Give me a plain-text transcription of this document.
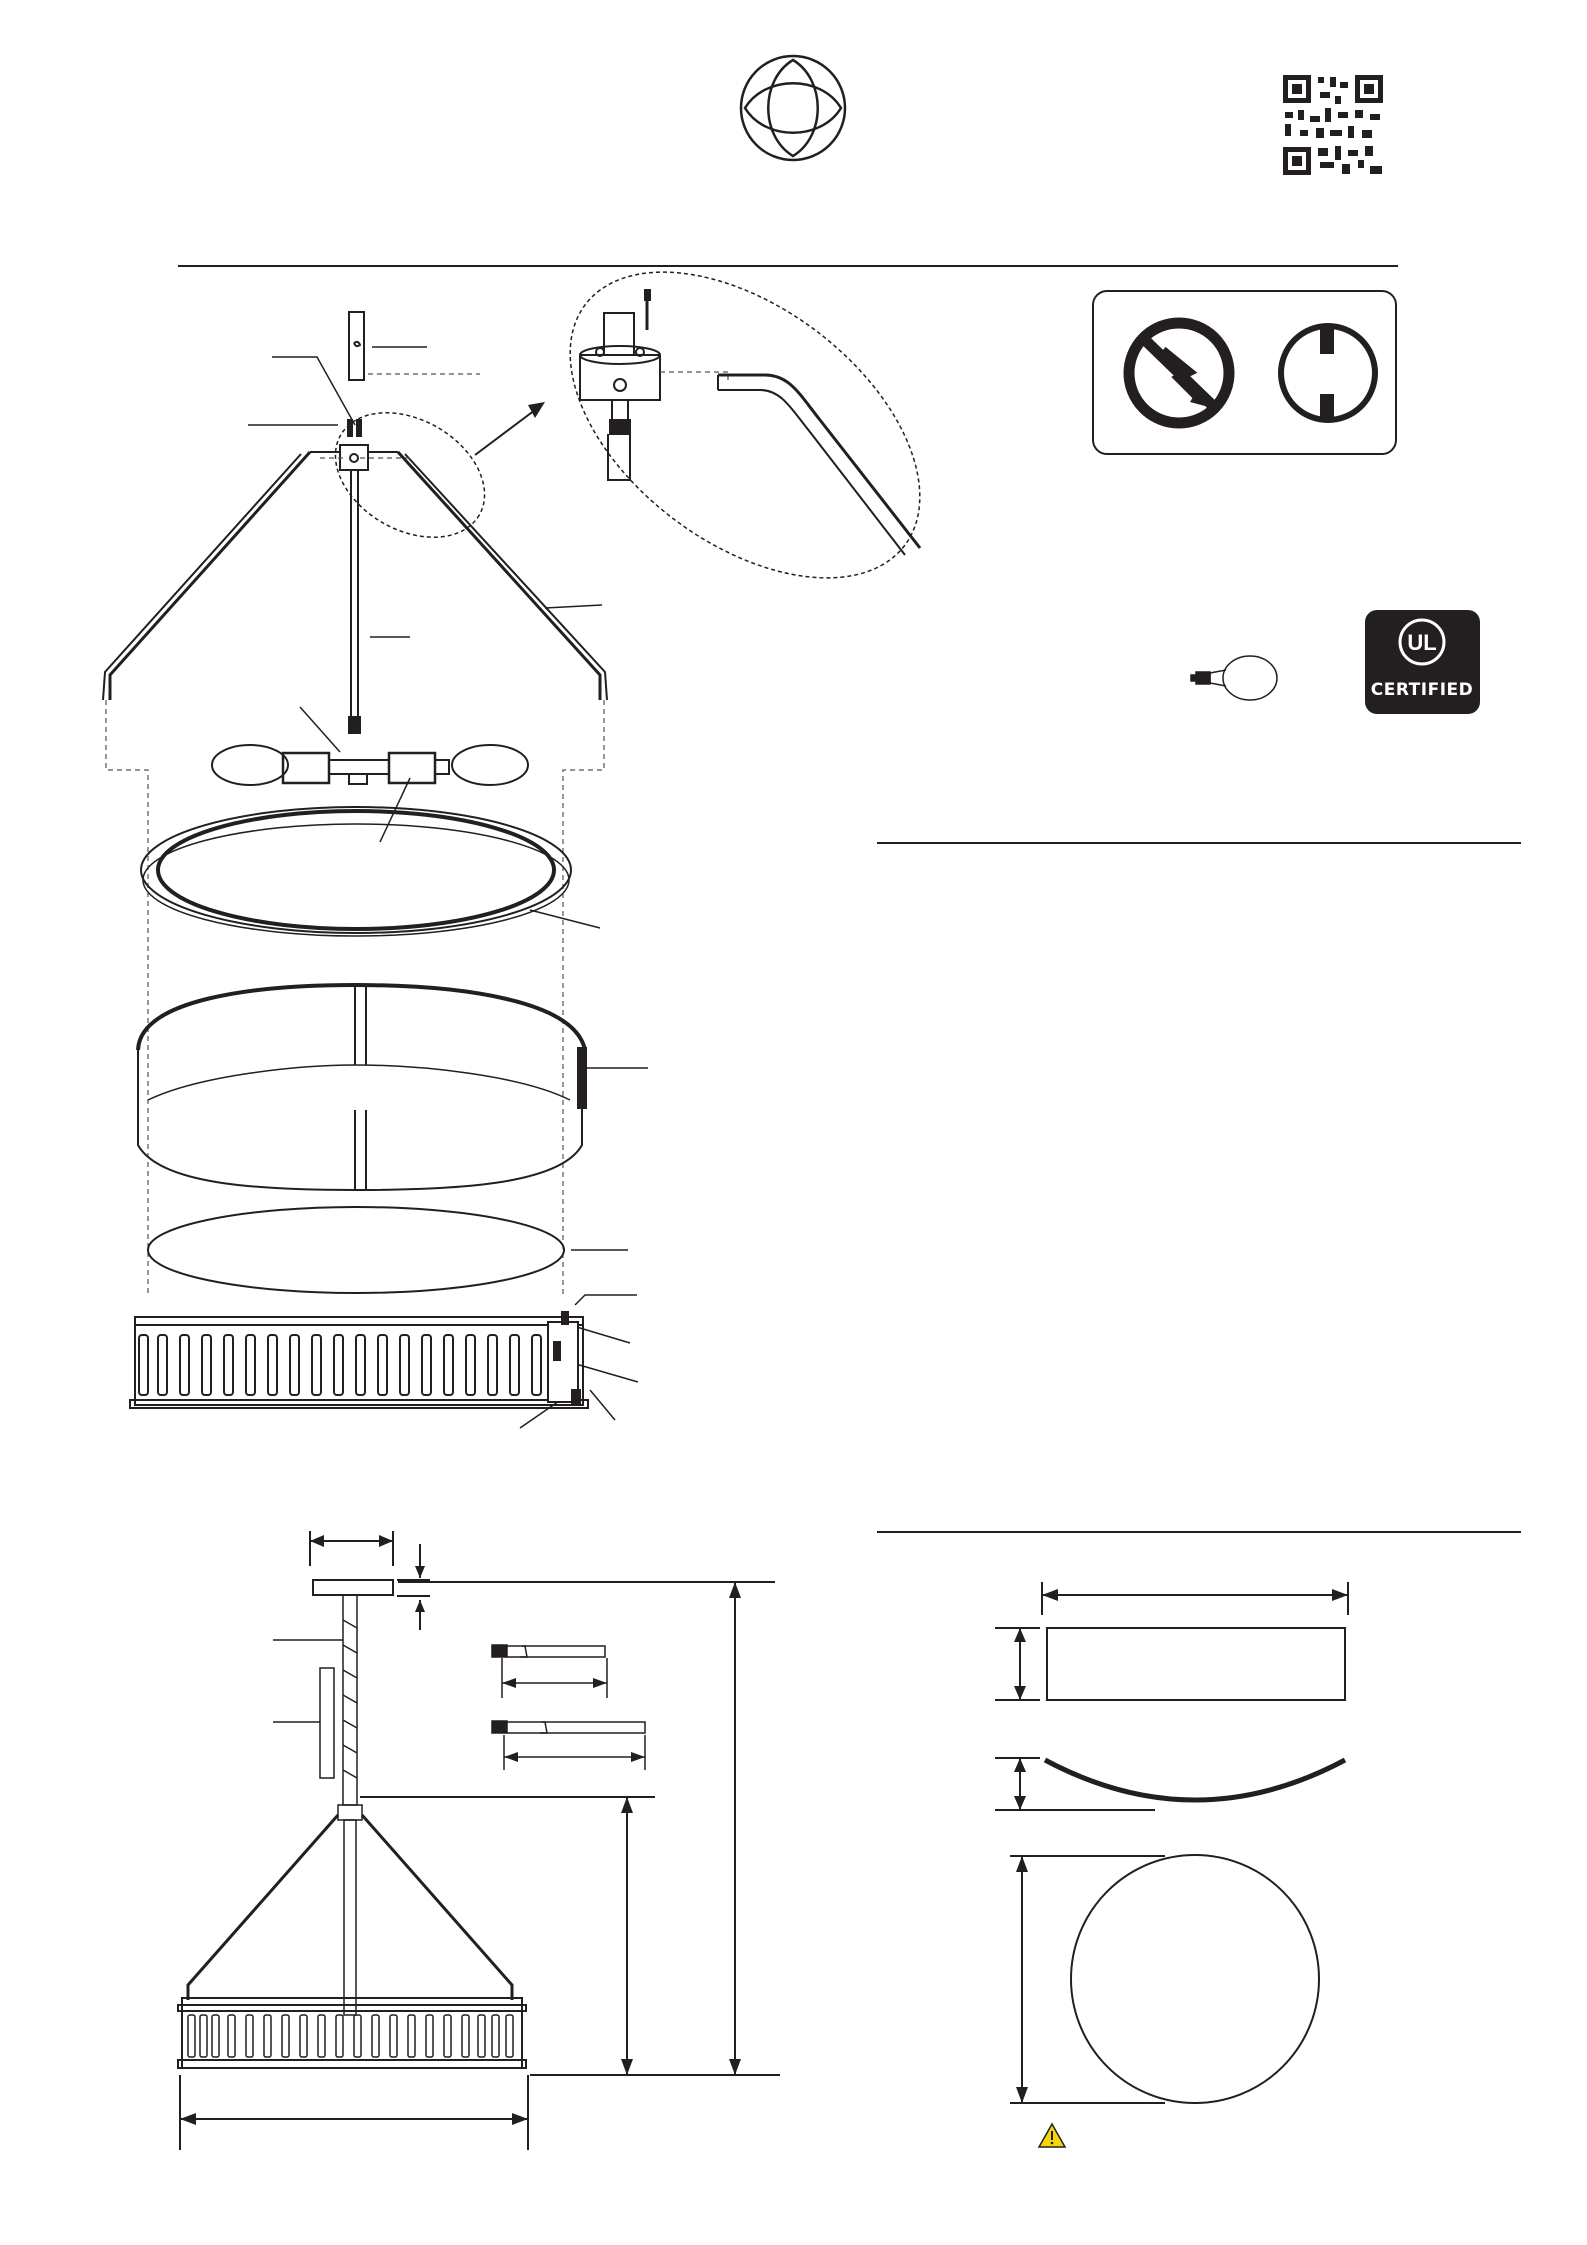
UL
CERTIFIED
